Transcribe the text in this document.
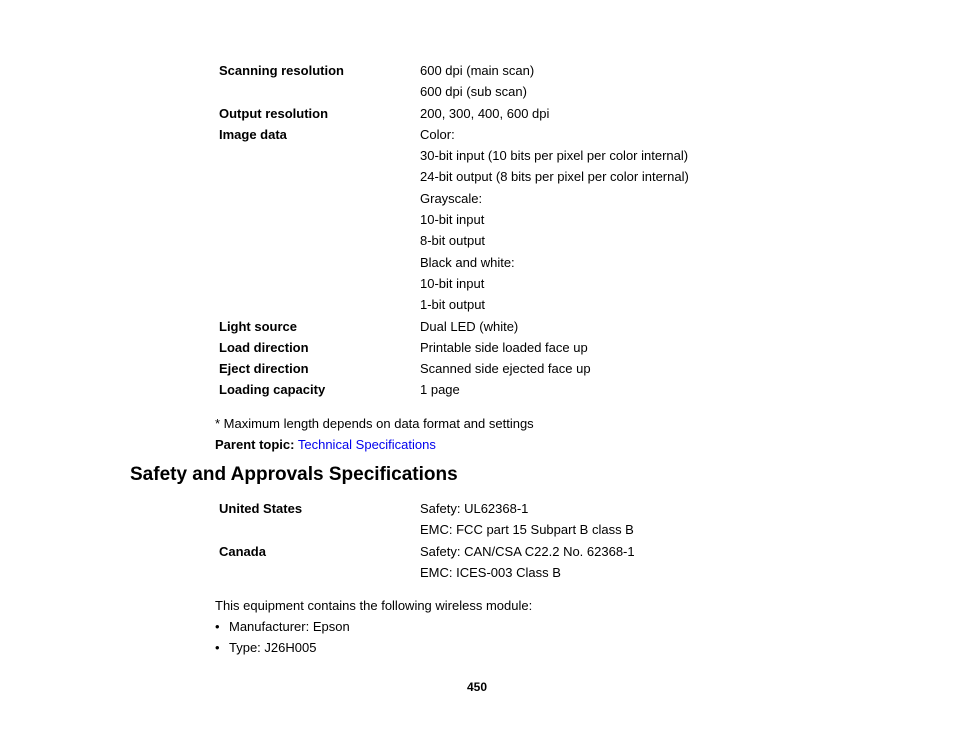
Scanning resolution	600 dpi (main scan)
600 dpi (sub scan)
Output resolution	200, 300, 400, 600 dpi
Image data	Color:
30-bit input (10 bits per pixel per color internal)
24-bit output (8 bits per pixel per color internal)
Grayscale:
10-bit input
8-bit output
Black and white:
10-bit input
1-bit output
Light source	Dual LED (white)
Load direction	Printable side loaded face up
Eject direction	Scanned side ejected face up
Loading capacity	1 page
* Maximum length depends on data format and settings
Parent topic: Technical Specifications
Safety and Approvals Specifications
United States	Safety: UL62368-1
EMC: FCC part 15 Subpart B class B
Canada	Safety: CAN/CSA C22.2 No. 62368-1
EMC: ICES-003 Class B
This equipment contains the following wireless module:
• Manufacturer: Epson
• Type: J26H005
450
